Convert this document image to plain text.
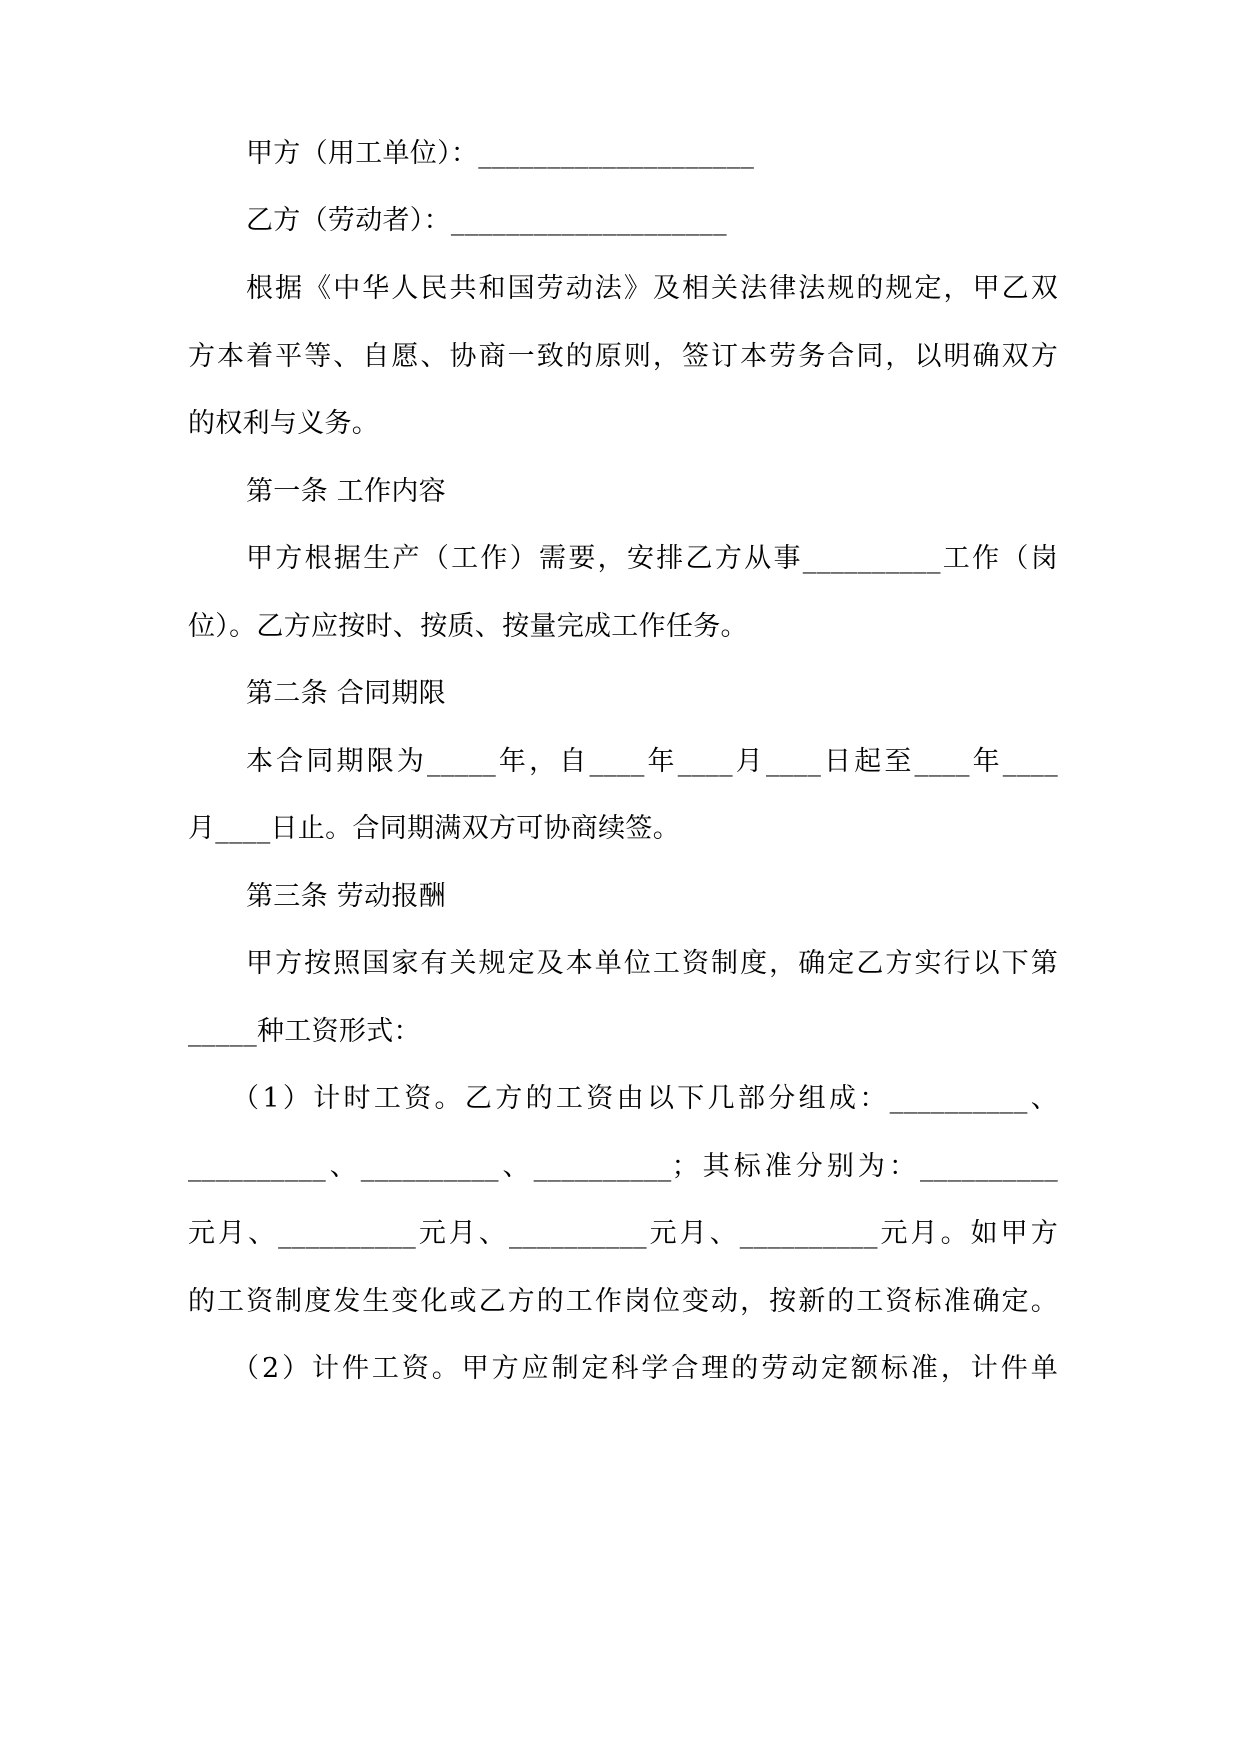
甲方（用工单位）：____________________
乙方（劳动者）：____________________
根据《中华人民共和国劳动法》及相关法律法规的规定，甲乙双
方本着平等、自愿、协商一致的原则，签订本劳务合同，以明确双方
的权利与义务。
第一条 工作内容
甲方根据生产（工作）需要，安排乙方从事__________工作（岗
位）。乙方应按时、按质、按量完成工作任务。
第二条 合同期限
本合同期限为_____年，自____年____月____日起至____年____
月____日止。合同期满双方可协商续签。
第三条 劳动报酬
甲方按照国家有关规定及本单位工资制度，确定乙方实行以下第
_____种工资形式：
（1）计时工资。乙方的工资由以下几部分组成：__________、
__________、__________、__________；其标准分别为：__________
元月、__________元月、__________元月、__________元月。如甲方
的工资制度发生变化或乙方的工作岗位变动，按新的工资标准确定。
（2）计件工资。甲方应制定科学合理的劳动定额标准，计件单
